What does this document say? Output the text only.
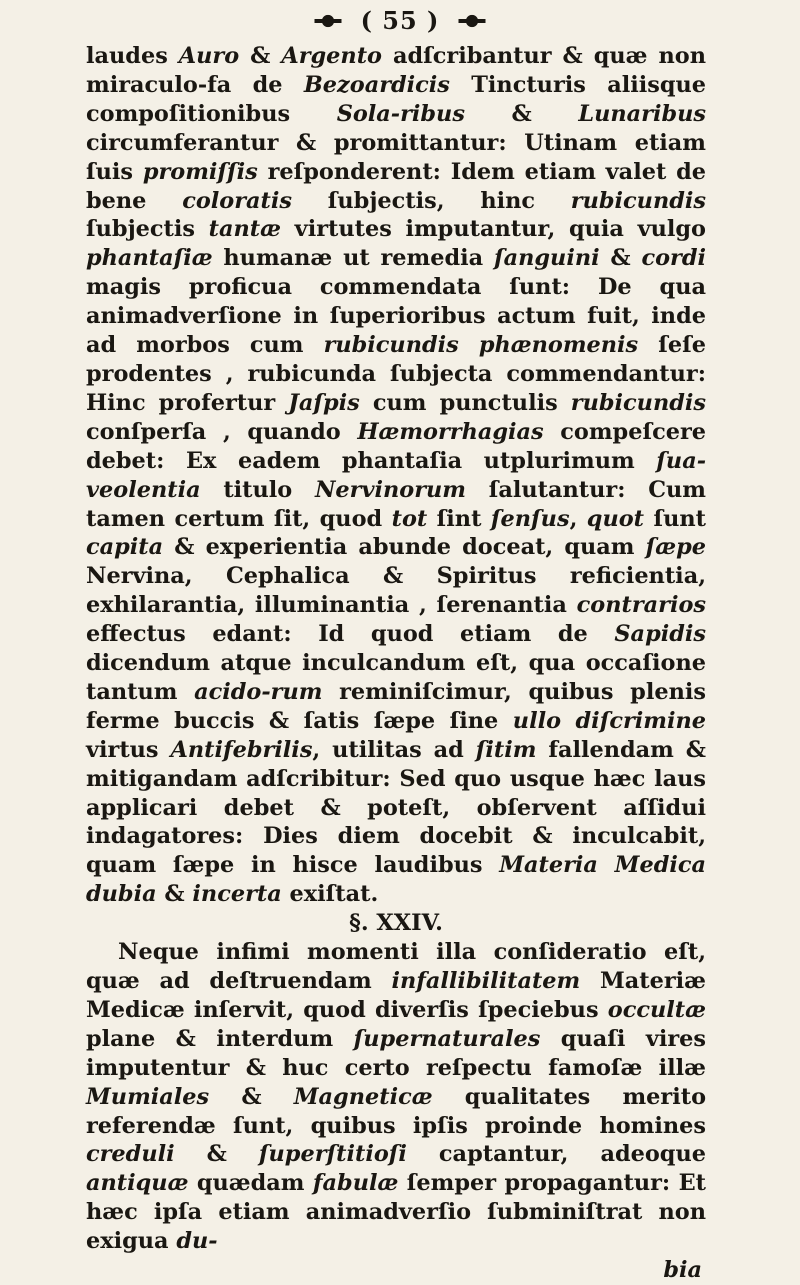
( 55 )

laudes Auro & Argento adſcribantur & quæ non miraculo-fa de Bezoardicis Tincturis aliisque compoſitionibus Sola-ribus & Lunaribus circumferantur & promittantur: Utinam etiam ſuis promiſſis reſponderent: Idem etiam valet de bene coloratis ſubjectis, hinc rubicundis ſubjectis tantæ virtutes imputantur, quia vulgo phantaſiæ humanæ ut remedia ſanguini & cordi magis proficua commendata ſunt: De qua animadverſione in ſuperioribus actum fuit, inde ad morbos cum rubicundis phænomenis ſeſe prodentes , rubicunda ſubjecta commendantur: Hinc profertur Jaſpis cum punctulis rubicundis conſperſa , quando Hæmorrhagias compeſcere debet: Ex eadem phantaſia utplurimum ſua-veolentia titulo Nervinorum ſalutantur: Cum tamen certum ſit, quod tot ſint ſenſus, quot ſunt capita & experientia abunde doceat, quam ſæpe Nervina, Cephalica & Spiritus reficientia, exhilarantia, illuminantia , ſerenantia contrarios effectus edant: Id quod etiam de Sapidis dicendum atque inculcandum eſt, qua occaſione tantum acido-rum reminiſcimur, quibus plenis ferme buccis & ſatis ſæpe ſine ullo diſcrimine virtus Antifebrilis, utilitas ad ſitim fallendam & mitigandam adſcribitur: Sed quo usque hæc laus applicari debet & poteſt, obſervent aſſidui indagatores: Dies diem docebit & inculcabit, quam ſæpe in hisce laudibus Materia Medica dubia & incerta exiſtat.

§. XXIV.

Neque infimi momenti illa conſideratio eſt, quæ ad deſtruendam infallibilitatem Materiæ Medicæ inſervit, quod diverſis ſpeciebus occultæ plane & interdum ſupernaturales quaſi vires imputentur & huc certo reſpectu famoſæ illæ Mumiales & Magneticæ qualitates merito referendæ ſunt, quibus ipſis proinde homines creduli & ſuperſtitioſi captantur, adeoque antiquæ quædam fabulæ ſemper propagantur: Et hæc ipſa etiam animadverſio ſubminiſtrat non exigua du-

bia
